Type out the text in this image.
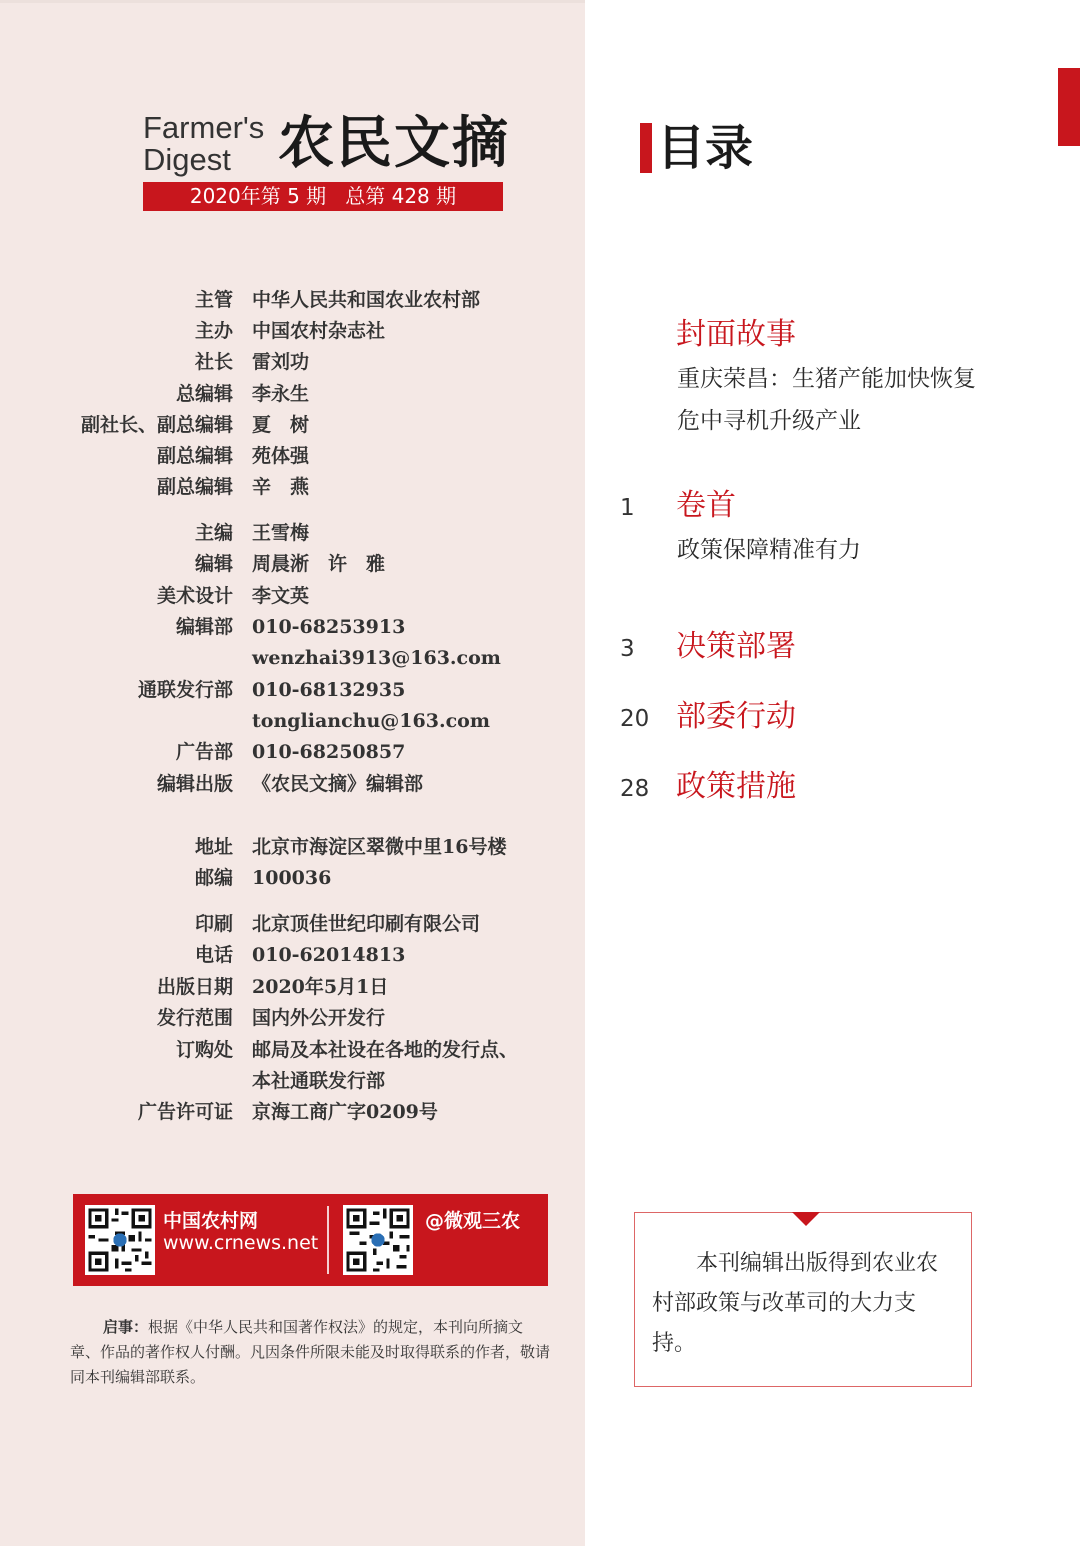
Farmer's
Digest 农民文摘
2020年第 5 期   总第 428 期
主管 中华人民共和国农业农村部
主办 中国农村杂志社
社长 雷刘功
总编辑 李永生
副社长、副总编辑 夏　树
副总编辑 苑体强
副总编辑 辛　燕
主编 王雪梅
编辑 周晨淅　许　雅
美术设计 李文英
编辑部 010-68253913
wenzhai3913@163.com
通联发行部 010-68132935
tonglianchu@163.com
广告部 010-68250857
编辑出版 《农民文摘》编辑部
地址 北京市海淀区翠微中里16号楼
邮编 100036
印刷 北京顶佳世纪印刷有限公司
电话 010-62014813
出版日期 2020年5月1日
发行范围 国内外公开发行
订购处 邮局及本社设在各地的发行点、
本社通联发行部
广告许可证 京海工商广字0209号
中国农村网
www.crnews.net
@微观三农
启事：根据《中华人民共和国著作权法》的规定，本刊向所摘文章、作品的著作权人付酬。凡因条件所限未能及时取得联系的作者，敬请同本刊编辑部联系。
目录
封面故事
重庆荣昌：生猪产能加快恢复
危中寻机升级产业
1 卷首
政策保障精准有力
3 决策部署
20 部委行动
28 政策措施
本刊编辑出版得到农业农村部政策与改革司的大力支持。
